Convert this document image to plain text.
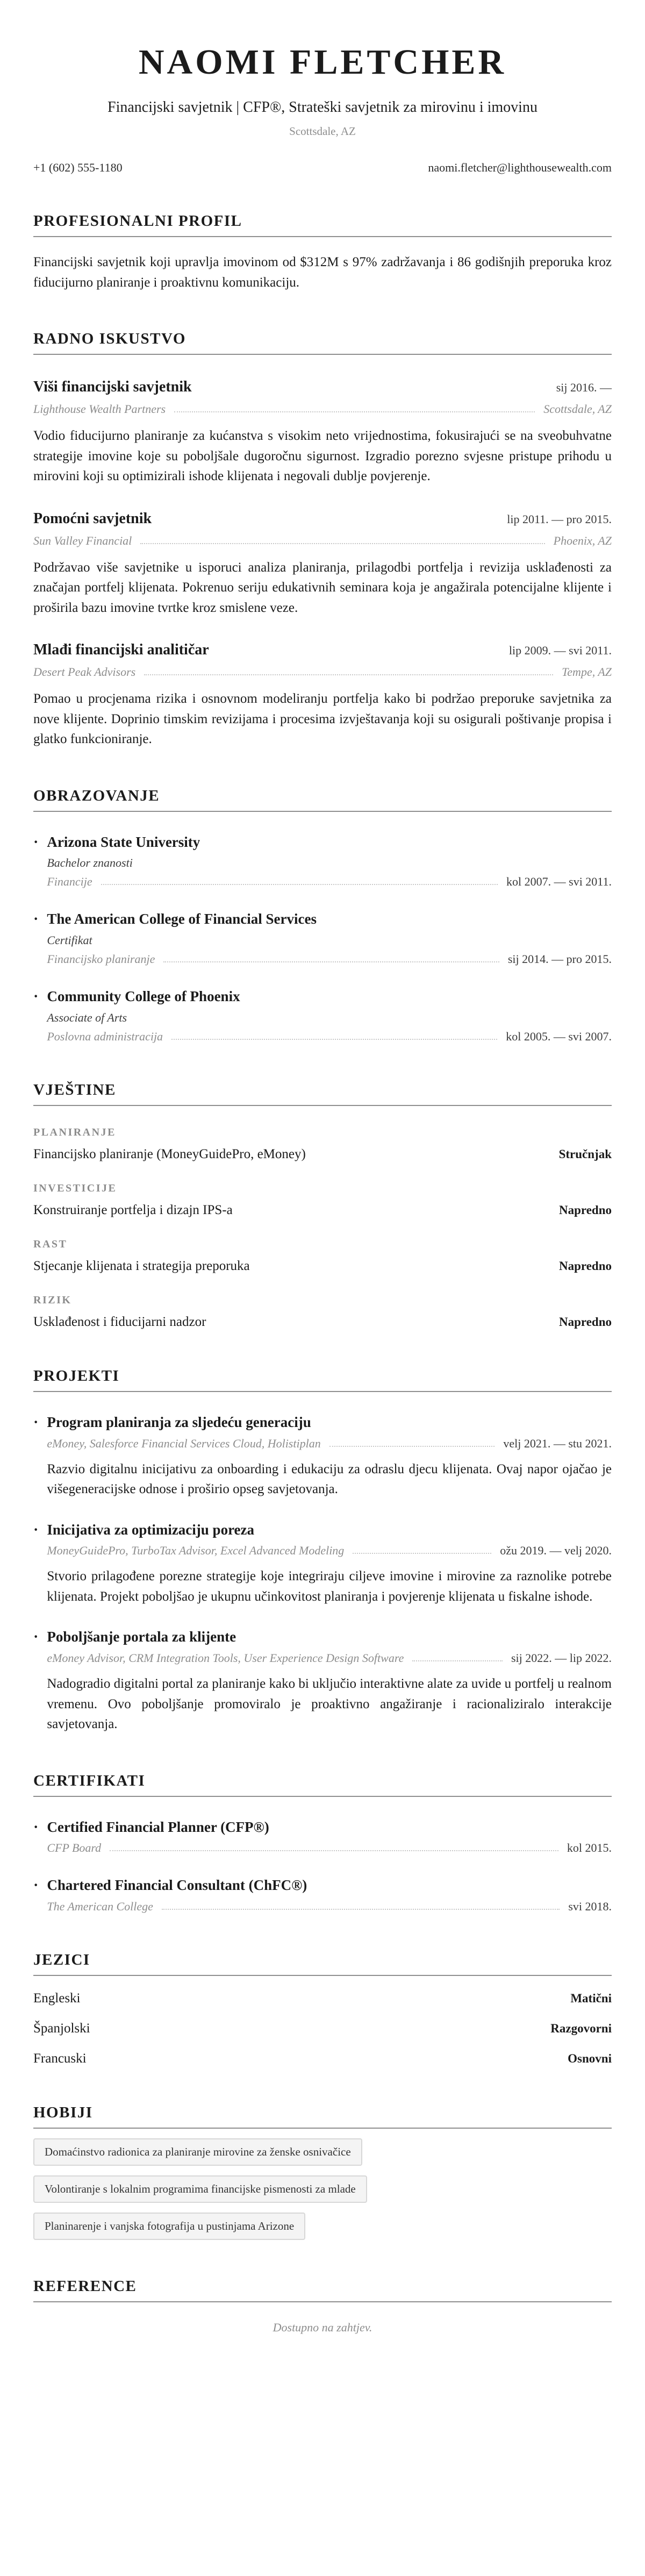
NAOMI FLETCHER
Financijski savjetnik | CFP®, Strateški savjetnik za mirovinu i imovinu
Scottsdale, AZ
+1 (602) 555-1180	naomi.fletcher@lighthousewealth.com
PROFESIONALNI PROFIL

Financijski savjetnik koji upravlja imovinom od $312M s 97% zadržavanja i 86 godišnjih preporuka kroz fiducijurno planiranje i proaktivnu komunikaciju.

RADNO ISKUSTVO
Viši financijski savjetnik	sij 2016. —
Lighthouse Wealth Partners	Scottsdale, AZ

Vodio fiducijurno planiranje za kućanstva s visokim neto vrijednostima, fokusirajući se na sveobuhvatne strategije imovine koje su poboljšale dugoročnu sigurnost. Izgradio porezno svjesne pristupe prihodu u mirovini koji su optimizirali ishode klijenata i negovali dublje povjerenje.

Pomoćni savjetnik	lip 2011. — pro 2015.
Sun Valley Financial	Phoenix, AZ

Podržavao više savjetnike u isporuci analiza planiranja, prilagodbi portfelja i revizija usklađenosti za značajan portfelj klijenata. Pokrenuo seriju edukativnih seminara koja je angažirala potencijalne klijente i proširila bazu imovine tvrtke kroz smislene veze.

Mlađi financijski analitičar	lip 2009. — svi 2011.
Desert Peak Advisors	Tempe, AZ

Pomao u procjenama rizika i osnovnom modeliranju portfelja kako bi podržao preporuke savjetnika za nove klijente. Doprinio timskim revizijama i procesima izvještavanja koji su osigurali poštivanje propisa i glatko funkcioniranje.

OBRAZOVANJE
· Arizona State University
Bachelor znanosti
Financije	kol 2007. — svi 2011.
· The American College of Financial Services
Certifikat
Financijsko planiranje	sij 2014. — pro 2015.
· Community College of Phoenix
Associate of Arts
Poslovna administracija	kol 2005. — svi 2007.
VJEŠTINE
PLANIRANJE
Financijsko planiranje (MoneyGuidePro, eMoney)	Stručnjak
INVESTICIJE
Konstruiranje portfelja i dizajn IPS-a	Napredno
RAST
Stjecanje klijenata i strategija preporuka	Napredno
RIZIK
Usklađenost i fiducijarni nadzor	Napredno
PROJEKTI
· Program planiranja za sljedeću generaciju
eMoney, Salesforce Financial Services Cloud, Holistiplan	velj 2021. — stu 2021.

Razvio digitalnu inicijativu za onboarding i edukaciju za odraslu djecu klijenata. Ovaj napor ojačao je višegeneracijske odnose i proširio opseg savjetovanja.

· Inicijativa za optimizaciju poreza
MoneyGuidePro, TurboTax Advisor, Excel Advanced Modeling	ožu 2019. — velj 2020.

Stvorio prilagođene porezne strategije koje integriraju ciljeve imovine i mirovine za raznolike potrebe klijenata. Projekt poboljšao je ukupnu učinkovitost planiranja i povjerenje klijenata u fiskalne ishode.

· Poboljšanje portala za klijente
eMoney Advisor, CRM Integration Tools, User Experience Design Software	sij 2022. — lip 2022.

Nadogradio digitalni portal za planiranje kako bi uključio interaktivne alate za uvide u portfelj u realnom vremenu. Ovo poboljšanje promoviralo je proaktivno angažiranje i racionaliziralo interakcije savjetovanja.

CERTIFIKATI
· Certified Financial Planner (CFP®)
CFP Board	kol 2015.
· Chartered Financial Consultant (ChFC®)
The American College	svi 2018.
JEZICI
Engleski	Matični
Španjolski	Razgovorni
Francuski	Osnovni
HOBIJI
Domaćinstvo radionica za planiranje mirovine za ženske osnivačice
Volontiranje s lokalnim programima financijske pismenosti za mlade
Planinarenje i vanjska fotografija u pustinjama Arizone
REFERENCE
Dostupno na zahtjev.
